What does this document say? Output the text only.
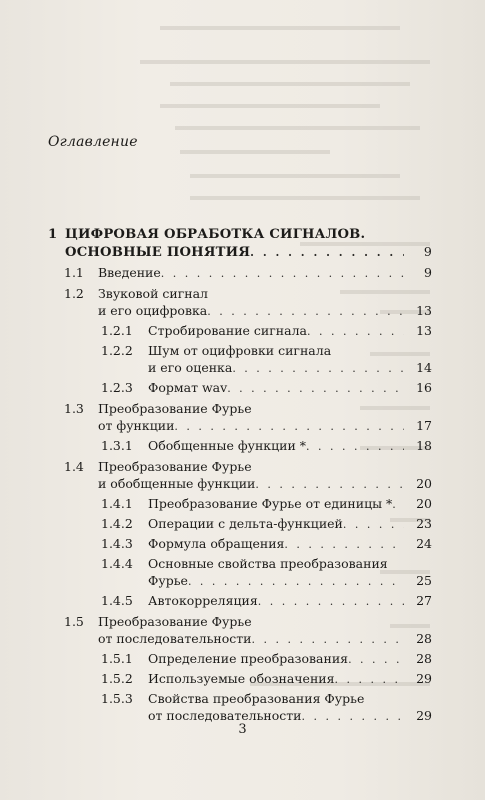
Оглавление
1 ЦИФРОВАЯ ОБРАБОТКА СИГНАЛОВ.
ОСНОВНЫЕ ПОНЯТИЯ . . .	9
1.1 Введение . . .	9
1.2 Звуковой сигнал
и его оцифровка . . .	13
1.2.1 Стробирование сигнала . . .	13
1.2.2 Шум от оцифровки сигнала
и его оценка . . .	14
1.2.3 Формат wav . . .	16
1.3 Преобразование Фурье
от функции . . .	17
1.3.1 Обобщенные функции * . . .	18
1.4 Преобразование Фурье
и обобщенные функции . . .	20
1.4.1 Преобразование Фурье от единицы * . . .	20
1.4.2 Операции с дельта-функцией . . .	23
1.4.3 Формула обращения . . .	24
1.4.4 Основные свойства преобразования
Фурье . . .	25
1.4.5 Автокорреляция . . .	27
1.5 Преобразование Фурье
от последовательности . . .	28
1.5.1 Определение преобразования . . .	28
1.5.2 Используемые обозначения . . .	29
1.5.3 Свойства преобразования Фурье
от последовательности . . .	29
3
